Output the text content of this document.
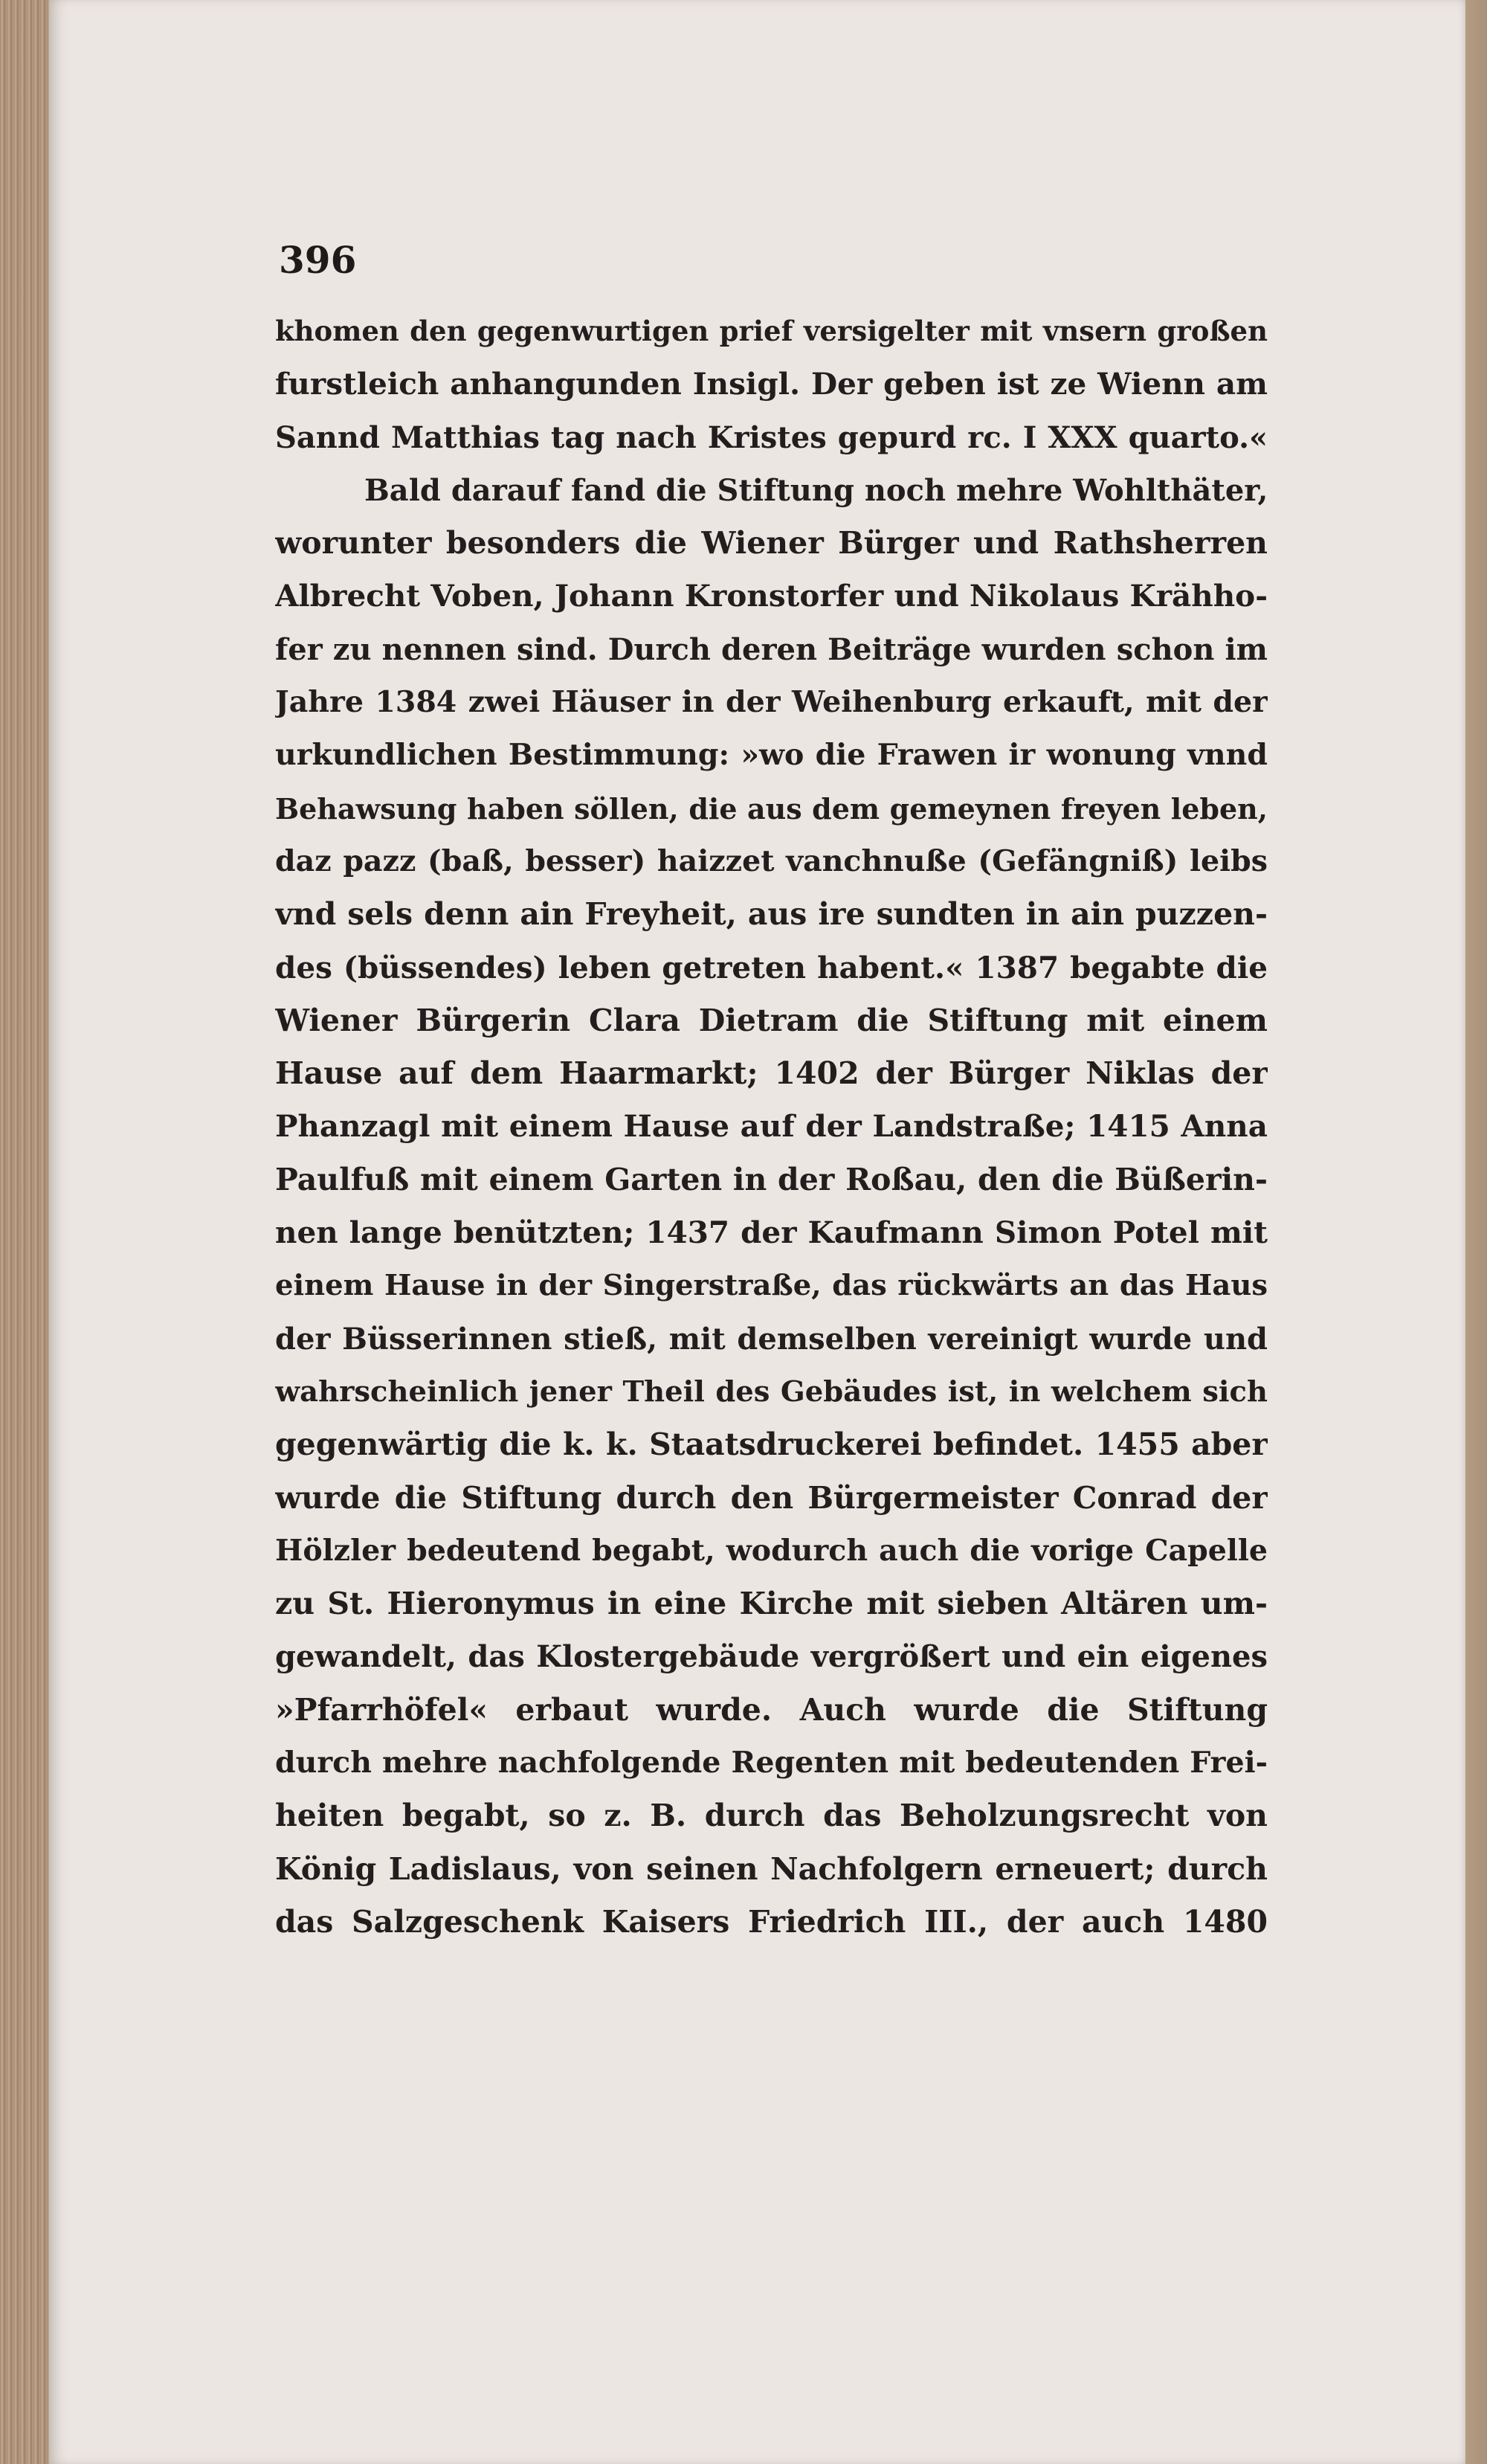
396
khomen den gegenwurtigen prief versigelter mit vnsern großen
furstleich anhangunden Insigl. Der geben ist ze Wienn am
Sannd Matthias tag nach Kristes gepurd rc. I XXX quarto.«
Bald darauf fand die Stiftung noch mehre Wohlthäter,
worunter besonders die Wiener Bürger und Rathsherren
Albrecht Voben, Johann Kronstorfer und Nikolaus Krähho-
fer zu nennen sind. Durch deren Beiträge wurden schon im
Jahre 1384 zwei Häuser in der Weihenburg erkauft, mit der
urkundlichen Bestimmung: »wo die Frawen ir wonung vnnd
Behawsung haben söllen, die aus dem gemeynen freyen leben,
daz pazz (baß, besser) haizzet vanchnuße (Gefängniß) leibs
vnd sels denn ain Freyheit, aus ire sundten in ain puzzen-
des (büssendes) leben getreten habent.« 1387 begabte die
Wiener Bürgerin Clara Dietram die Stiftung mit einem
Hause auf dem Haarmarkt; 1402 der Bürger Niklas der
Phanzagl mit einem Hause auf der Landstraße; 1415 Anna
Paulfuß mit einem Garten in der Roßau, den die Büßerin-
nen lange benützten; 1437 der Kaufmann Simon Potel mit
einem Hause in der Singerstraße, das rückwärts an das Haus
der Büsserinnen stieß, mit demselben vereinigt wurde und
wahrscheinlich jener Theil des Gebäudes ist, in welchem sich
gegenwärtig die k. k. Staatsdruckerei befindet. 1455 aber
wurde die Stiftung durch den Bürgermeister Conrad der
Hölzler bedeutend begabt, wodurch auch die vorige Capelle
zu St. Hieronymus in eine Kirche mit sieben Altären um-
gewandelt, das Klostergebäude vergrößert und ein eigenes
»Pfarrhöfel« erbaut wurde. Auch wurde die Stiftung
durch mehre nachfolgende Regenten mit bedeutenden Frei-
heiten begabt, so z. B. durch das Beholzungsrecht von
König Ladislaus, von seinen Nachfolgern erneuert; durch
das Salzgeschenk Kaisers Friedrich III., der auch 1480
